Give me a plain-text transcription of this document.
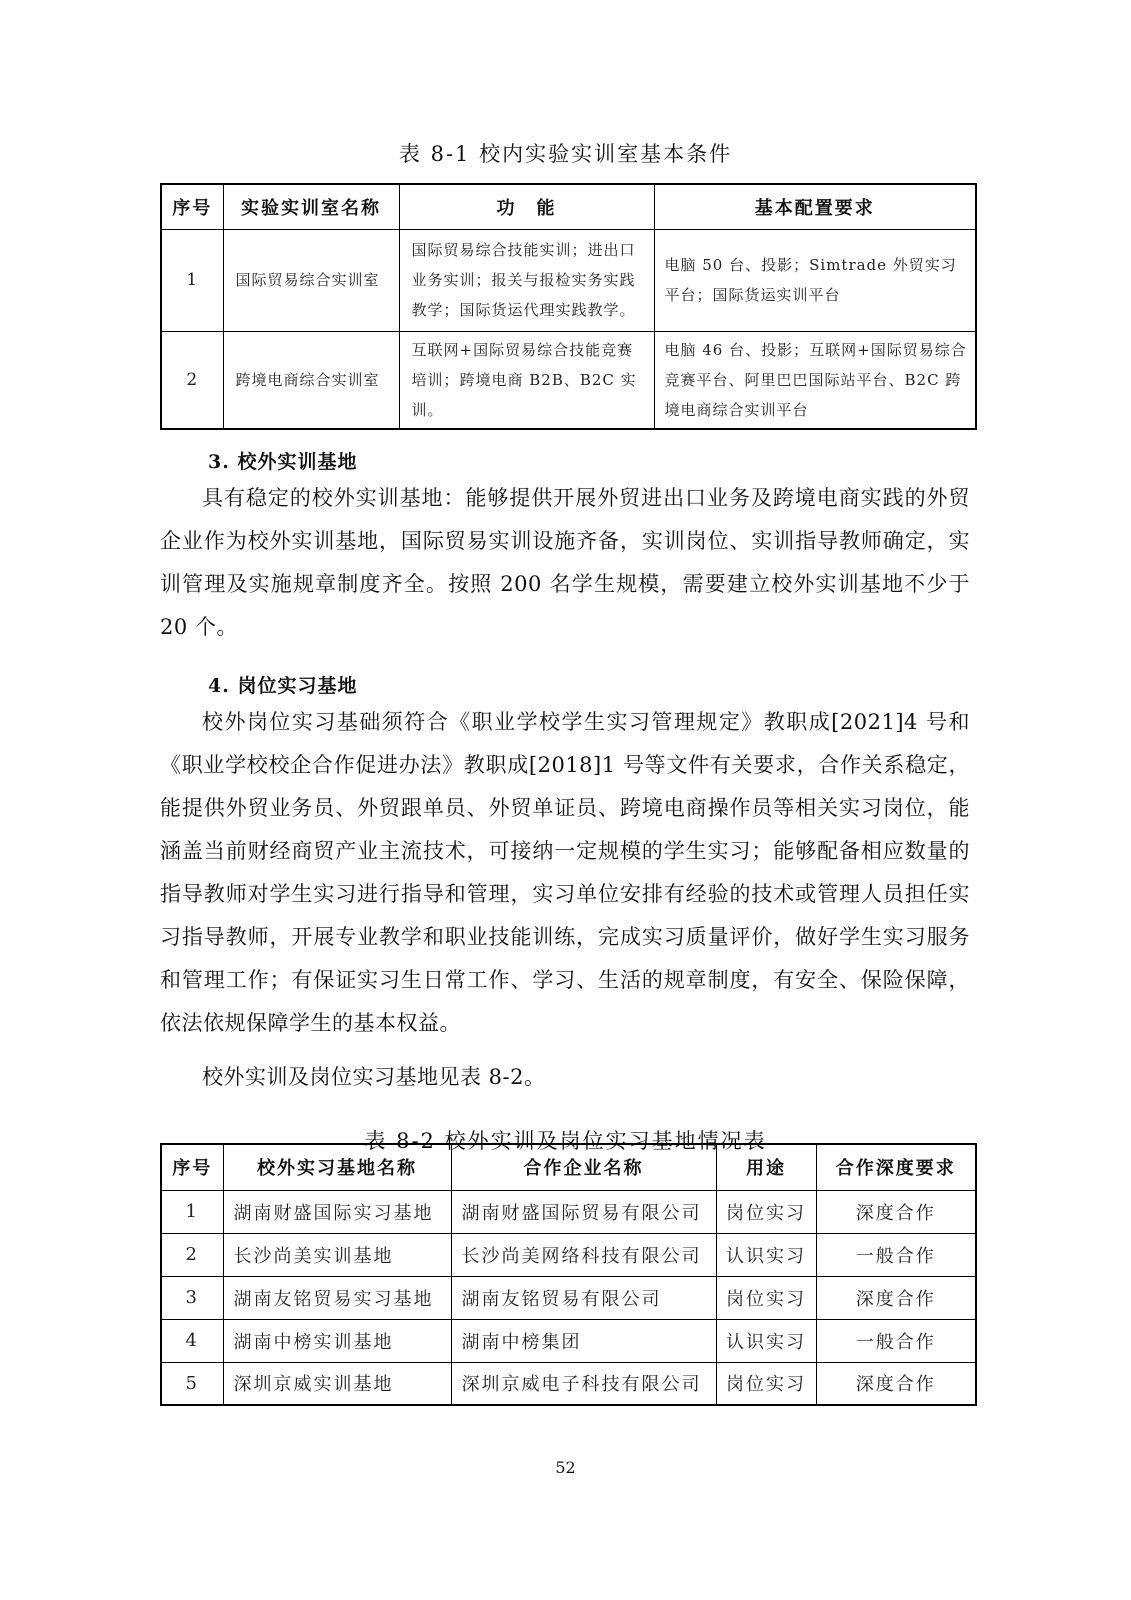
表 8-1 校内实验实训室基本条件
序号	实验实训室名称	功　能	基本配置要求
1	国际贸易综合实训室	国际贸易综合技能实训；进出口业务实训；报关与报检实务实践教学；国际货运代理实践教学。	电脑 50 台、投影；Simtrade 外贸实习平台；国际货运实训平台
2	跨境电商综合实训室	互联网+国际贸易综合技能竞赛培训；跨境电商 B2B、B2C 实训。	电脑 46 台、投影；互联网+国际贸易综合竞赛平台、阿里巴巴国际站平台、B2C 跨境电商综合实训平台
3. 校外实训基地

具有稳定的校外实训基地：能够提供开展外贸进出口业务及跨境电商实践的外贸企业作为校外实训基地，国际贸易实训设施齐备，实训岗位、实训指导教师确定，实训管理及实施规章制度齐全。按照 200 名学生规模，需要建立校外实训基地不少于 20 个。

4. 岗位实习基地

校外岗位实习基础须符合《职业学校学生实习管理规定》教职成[2021]4 号和《职业学校校企合作促进办法》教职成[2018]1 号等文件有关要求，合作关系稳定，能提供外贸业务员、外贸跟单员、外贸单证员、跨境电商操作员等相关实习岗位，能涵盖当前财经商贸产业主流技术，可接纳一定规模的学生实习；能够配备相应数量的指导教师对学生实习进行指导和管理，实习单位安排有经验的技术或管理人员担任实习指导教师，开展专业教学和职业技能训练，完成实习质量评价，做好学生实习服务和管理工作；有保证实习生日常工作、学习、生活的规章制度，有安全、保险保障，依法依规保障学生的基本权益。

校外实训及岗位实习基地见表 8-2。

表 8-2 校外实训及岗位实习基地情况表
序号	校外实习基地名称	合作企业名称	用途	合作深度要求
1	湖南财盛国际实习基地	湖南财盛国际贸易有限公司	岗位实习	深度合作
2	长沙尚美实训基地	长沙尚美网络科技有限公司	认识实习	一般合作
3	湖南友铭贸易实习基地	湖南友铭贸易有限公司	岗位实习	深度合作
4	湖南中榜实训基地	湖南中榜集团	认识实习	一般合作
5	深圳京威实训基地	深圳京威电子科技有限公司	岗位实习	深度合作
52
